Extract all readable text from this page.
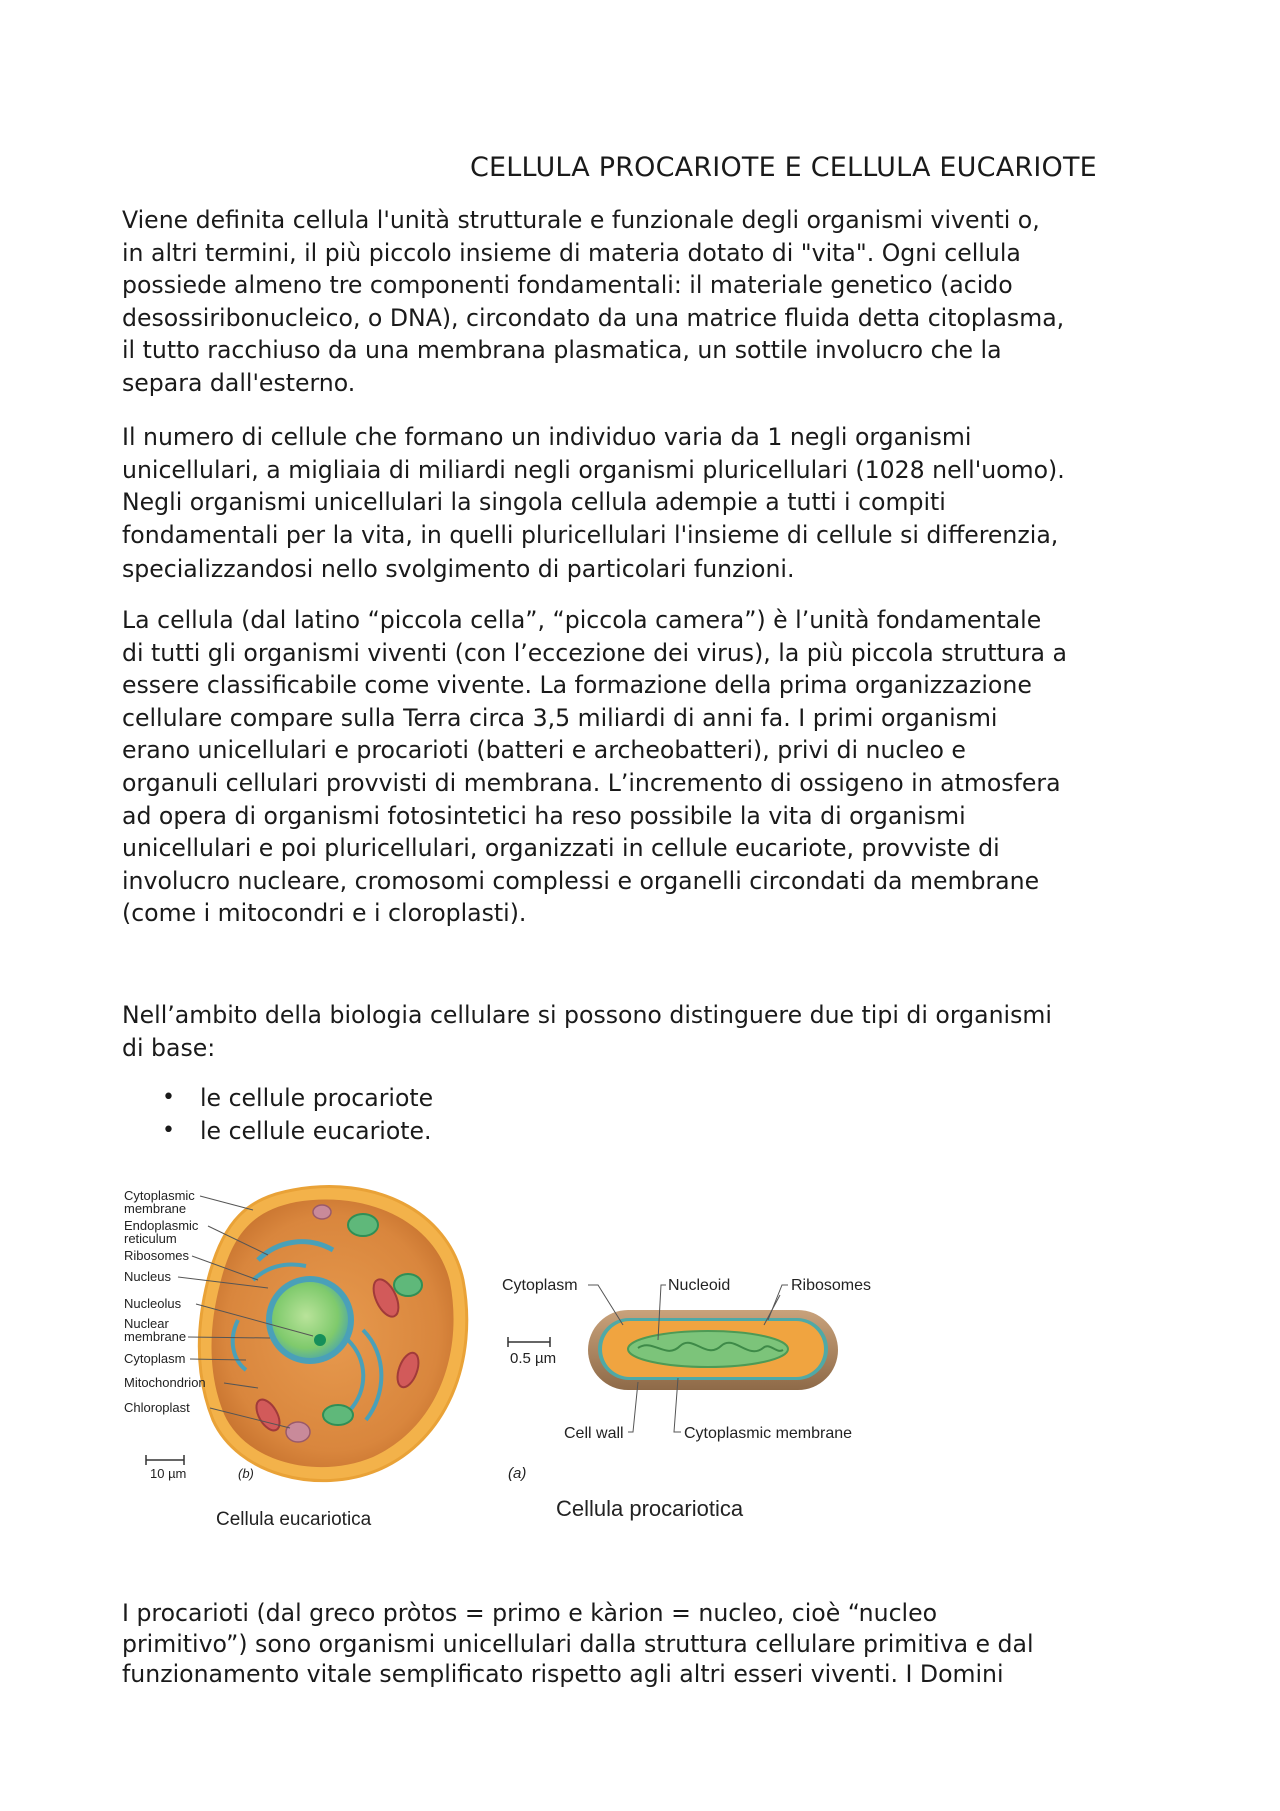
CELLULA PROCARIOTE E CELLULA EUCARIOTE

Viene definita cellula l'unità strutturale e funzionale degli organismi viventi o,
in altri termini, il più piccolo insieme di materia dotato di "vita". Ogni cellula
possiede almeno tre componenti fondamentali: il materiale genetico (acido
desossiribonucleico, o DNA), circondato da una matrice fluida detta citoplasma,
il tutto racchiuso da una membrana plasmatica, un sottile involucro che la
separa dall'esterno.

Il numero di cellule che formano un individuo varia da 1 negli organismi
unicellulari, a migliaia di miliardi negli organismi pluricellulari (1028 nell'uomo).
Negli organismi unicellulari la singola cellula adempie a tutti i compiti
fondamentali per la vita, in quelli pluricellulari l'insieme di cellule si differenzia,
specializzandosi nello svolgimento di particolari funzioni.

La cellula (dal latino “piccola cella”, “piccola camera”) è l’unità fondamentale
di tutti gli organismi viventi (con l’eccezione dei virus), la più piccola struttura a
essere classificabile come vivente. La formazione della prima organizzazione
cellulare compare sulla Terra circa 3,5 miliardi di anni fa. I primi organismi
erano unicellulari e procarioti (batteri e archeobatteri), privi di nucleo e
organuli cellulari provvisti di membrana. L’incremento di ossigeno in atmosfera
ad opera di organismi fotosintetici ha reso possibile la vita di organismi
unicellulari e poi pluricellulari, organizzati in cellule eucariote, provviste di
involucro nucleare, cromosomi complessi e organelli circondati da membrane
(come i mitocondri e i cloroplasti).

Nell’ambito della biologia cellulare si possono distinguere due tipi di organismi
di base:

• le cellule procariote
• le cellule eucariote.
Cytoplasmic
membrane
Endoplasmic
reticulum
Ribosomes
Nucleus
Nucleolus
Nuclear
membrane
Cytoplasm
Mitochondrion
Chloroplast
10 µm	(b)
Cellula eucariotica
Cytoplasm	Nucleoid	Ribosomes
Cell wall	Cytoplasmic membrane
0.5 µm
(a)
Cellula procariotica

I procarioti (dal greco pròtos = primo e kàrion = nucleo, cioè “nucleo
primitivo”) sono organismi unicellulari dalla struttura cellulare primitiva e dal
funzionamento vitale semplificato rispetto agli altri esseri viventi. I Domini
